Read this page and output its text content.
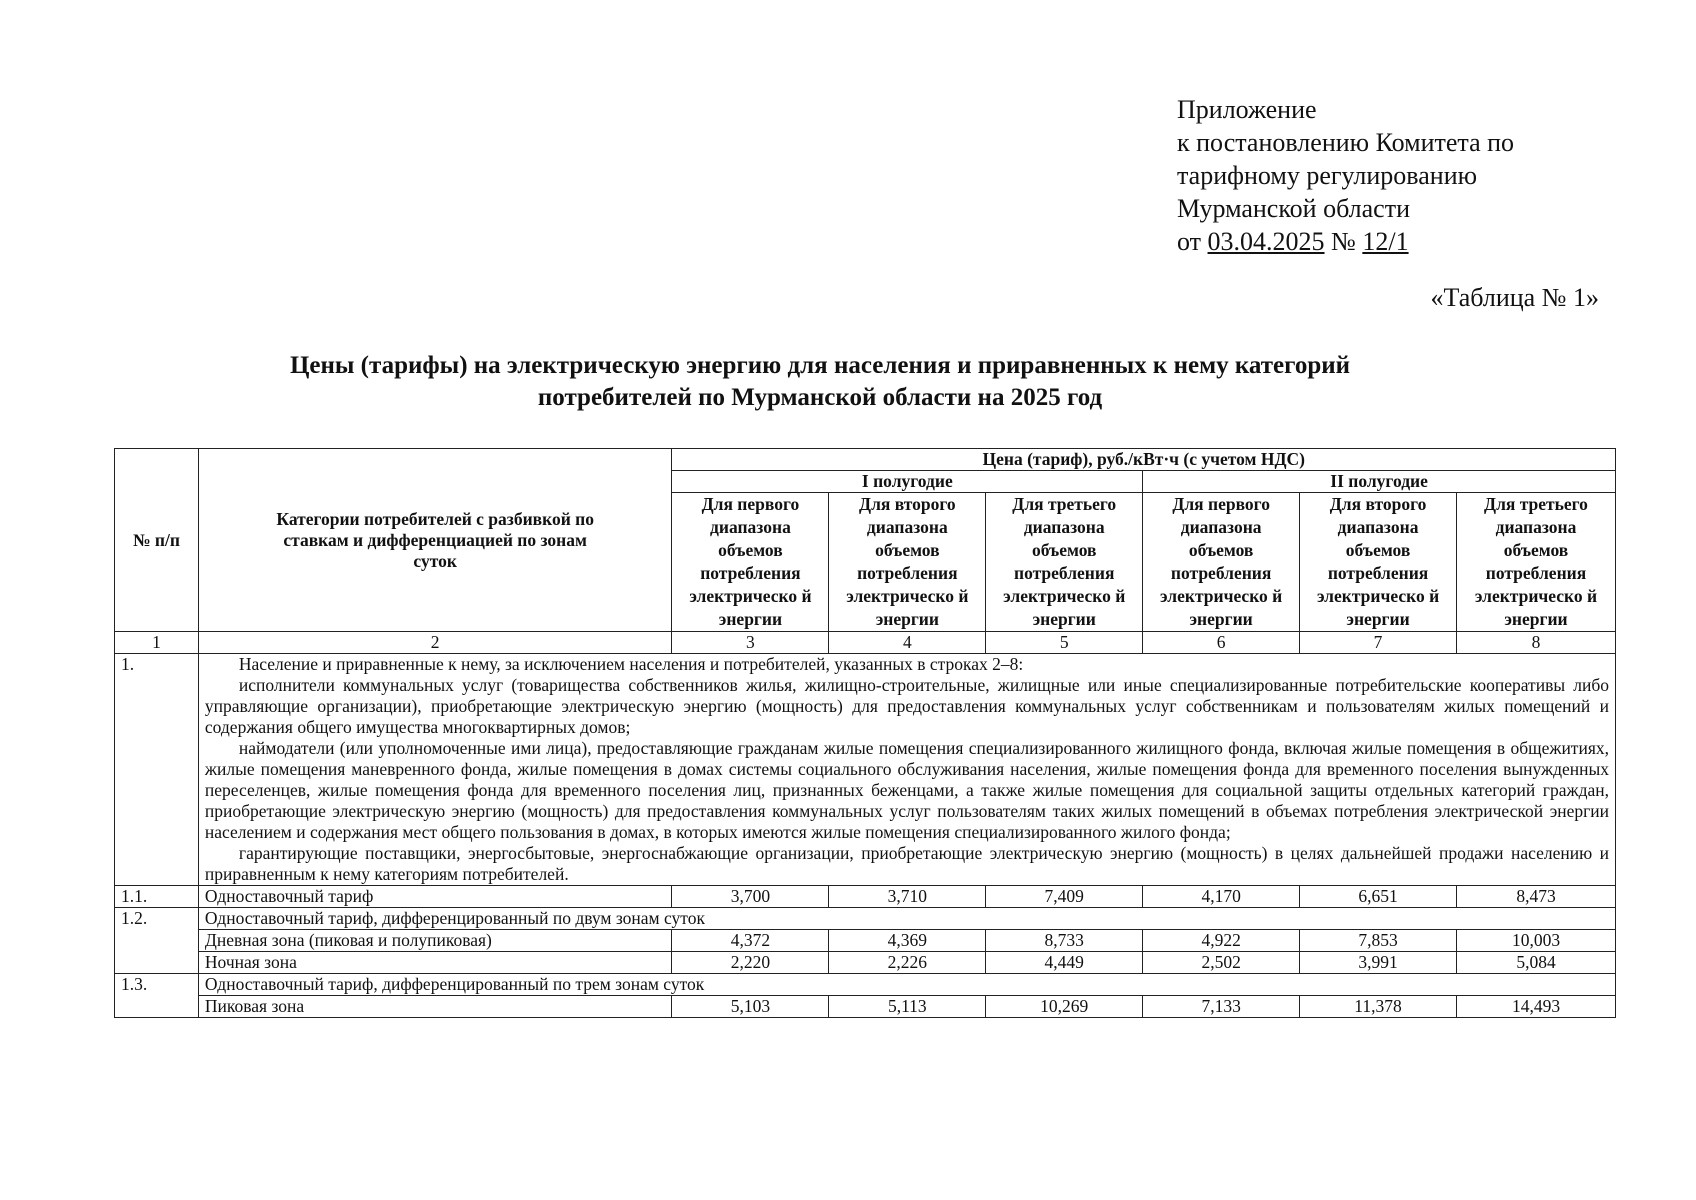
Приложение
к постановлению Комитета по
тарифному регулированию
Мурманской области
от 03.04.2025 № 12/1
«Таблица № 1»
Цены (тарифы) на электрическую энергию для населения и приравненных к нему категорий
потребителей по Мурманской области на 2025 год
№ п/п	Категории потребителей с разбивкой по ставкам и дифференциацией по зонам суток	Цена (тариф), руб./кВт·ч (с учетом НДС)					
		I полугодие			II полугодие		
		Для первого диапазона объемов потребления электрическо й энергии	Для второго диапазона объемов потребления электрическо й энергии	Для третьего диапазона объемов потребления электрическо й энергии	Для первого диапазона объемов потребления электрическо й энергии	Для второго диапазона объемов потребления электрическо й энергии	Для третьего диапазона объемов потребления электрическо й энергии
1	2	3	4	5	6	7	8
1.	Население и приравненные к нему, за исключением населения и потребителей, указанных в строках 2–8:

исполнители коммунальных услуг (товарищества собственников жилья, жилищно-строительные, жилищные или иные специализированные потребительские кооперативы либо управляющие организации), приобретающие электрическую энергию (мощность) для предоставления коммунальных услуг собственникам и пользователям жилых помещений и содержания общего имущества многоквартирных домов;

наймодатели (или уполномоченные ими лица), предоставляющие гражданам жилые помещения специализированного жилищного фонда, включая жилые помещения в общежитиях, жилые помещения маневренного фонда, жилые помещения в домах системы социального обслуживания населения, жилые помещения фонда для временного поселения вынужденных переселенцев, жилые помещения фонда для временного поселения лиц, признанных беженцами, а также жилые помещения для социальной защиты отдельных категорий граждан, приобретающие электрическую энергию (мощность) для предоставления коммунальных услуг пользователям таких жилых помещений в объемах потребления электрической энергии населением и содержания мест общего пользования в домах, в которых имеются жилые помещения специализированного жилого фонда;

гарантирующие поставщики, энергосбытовые, энергоснабжающие организации, приобретающие электрическую энергию (мощность) в целях дальнейшей продажи населению и приравненным к нему категориям потребителей.						

1.1.	Одноставочный тариф	3,700	3,710	7,409	4,170	6,651	8,473
1.2.	Одноставочный тариф, дифференцированный по двум зонам суток						
	Дневная зона (пиковая и полупиковая)	4,372	4,369	8,733	4,922	7,853	10,003
	Ночная зона	2,220	2,226	4,449	2,502	3,991	5,084
1.3.	Одноставочный тариф, дифференцированный по трем зонам суток						
	Пиковая зона	5,103	5,113	10,269	7,133	11,378	14,493
